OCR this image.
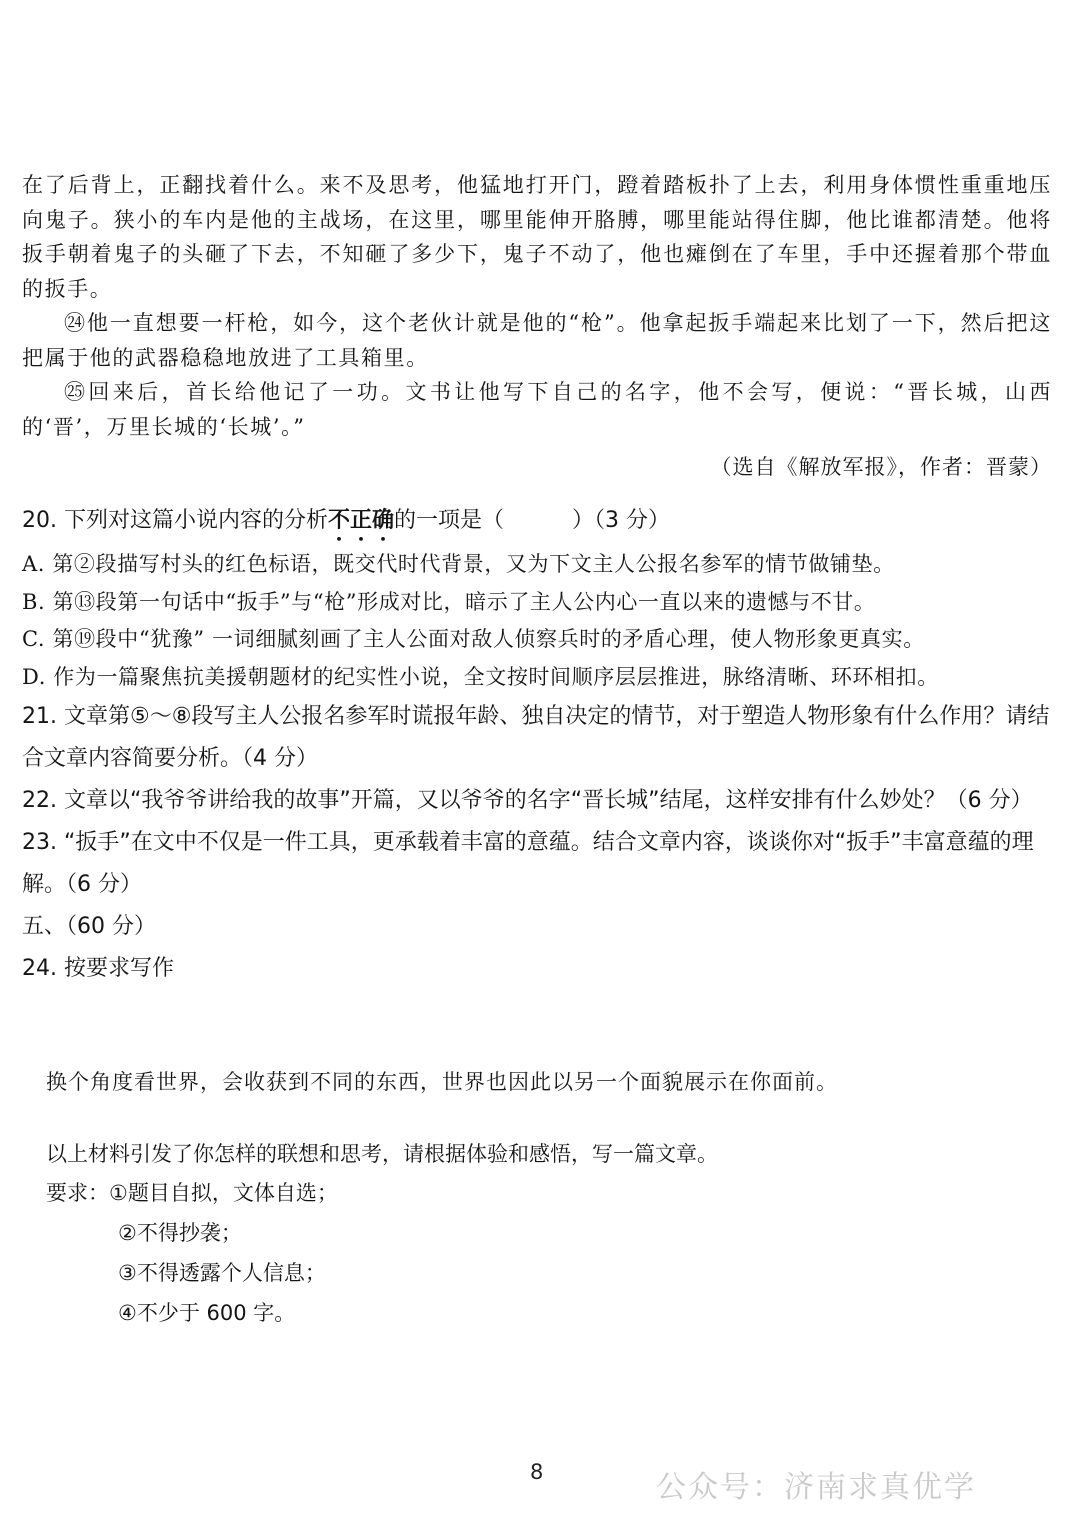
在了后背上，正翻找着什么。来不及思考，他猛地打开门，蹬着踏板扑了上去，利用身体惯性重重地压向鬼子。狭小的车内是他的主战场，在这里，哪里能伸开胳膊，哪里能站得住脚，他比谁都清楚。他将扳手朝着鬼子的头砸了下去，不知砸了多少下，鬼子不动了，他也瘫倒在了车里，手中还握着那个带血的扳手。

㉔他一直想要一杆枪，如今，这个老伙计就是他的“枪”。他拿起扳手端起来比划了一下，然后把这把属于他的武器稳稳地放进了工具箱里。

㉕回来后，首长给他记了一功。文书让他写下自己的名字，他不会写，便说：“晋长城，山西的‘晋’，万里长城的‘长城’。”

（选自《解放军报》，作者：晋蒙）

20. 下列对这篇小说内容的分析不正确的一项是（	）（3 分）

A. 第②段描写村头的红色标语，既交代时代背景，又为下文主人公报名参军的情节做铺垫。

B. 第⑬段第一句话中“扳手”与“枪”形成对比，暗示了主人公内心一直以来的遗憾与不甘。

C. 第⑲段中“犹豫” 一词细腻刻画了主人公面对敌人侦察兵时的矛盾心理，使人物形象更真实。

D. 作为一篇聚焦抗美援朝题材的纪实性小说，全文按时间顺序层层推进，脉络清晰、环环相扣。

21. 文章第⑤～⑧段写主人公报名参军时谎报年龄、独自决定的情节，对于塑造人物形象有什么作用？请结合文章内容简要分析。（4 分）

22. 文章以“我爷爷讲给我的故事”开篇，又以爷爷的名字“晋长城”结尾，这样安排有什么妙处？（6 分）

23. “扳手”在文中不仅是一件工具，更承载着丰富的意蕴。结合文章内容，谈谈你对“扳手”丰富意蕴的理解。（6 分）

五、（60 分）

24. 按要求写作

换个角度看世界，会收获到不同的东西，世界也因此以另一个面貌展示在你面前。

以上材料引发了你怎样的联想和思考，请根据体验和感悟，写一篇文章。

要求：①题目自拟，文体自选；

②不得抄袭；

③不得透露个人信息；

④不少于 600 字。

8	公众号：济南求真优学
